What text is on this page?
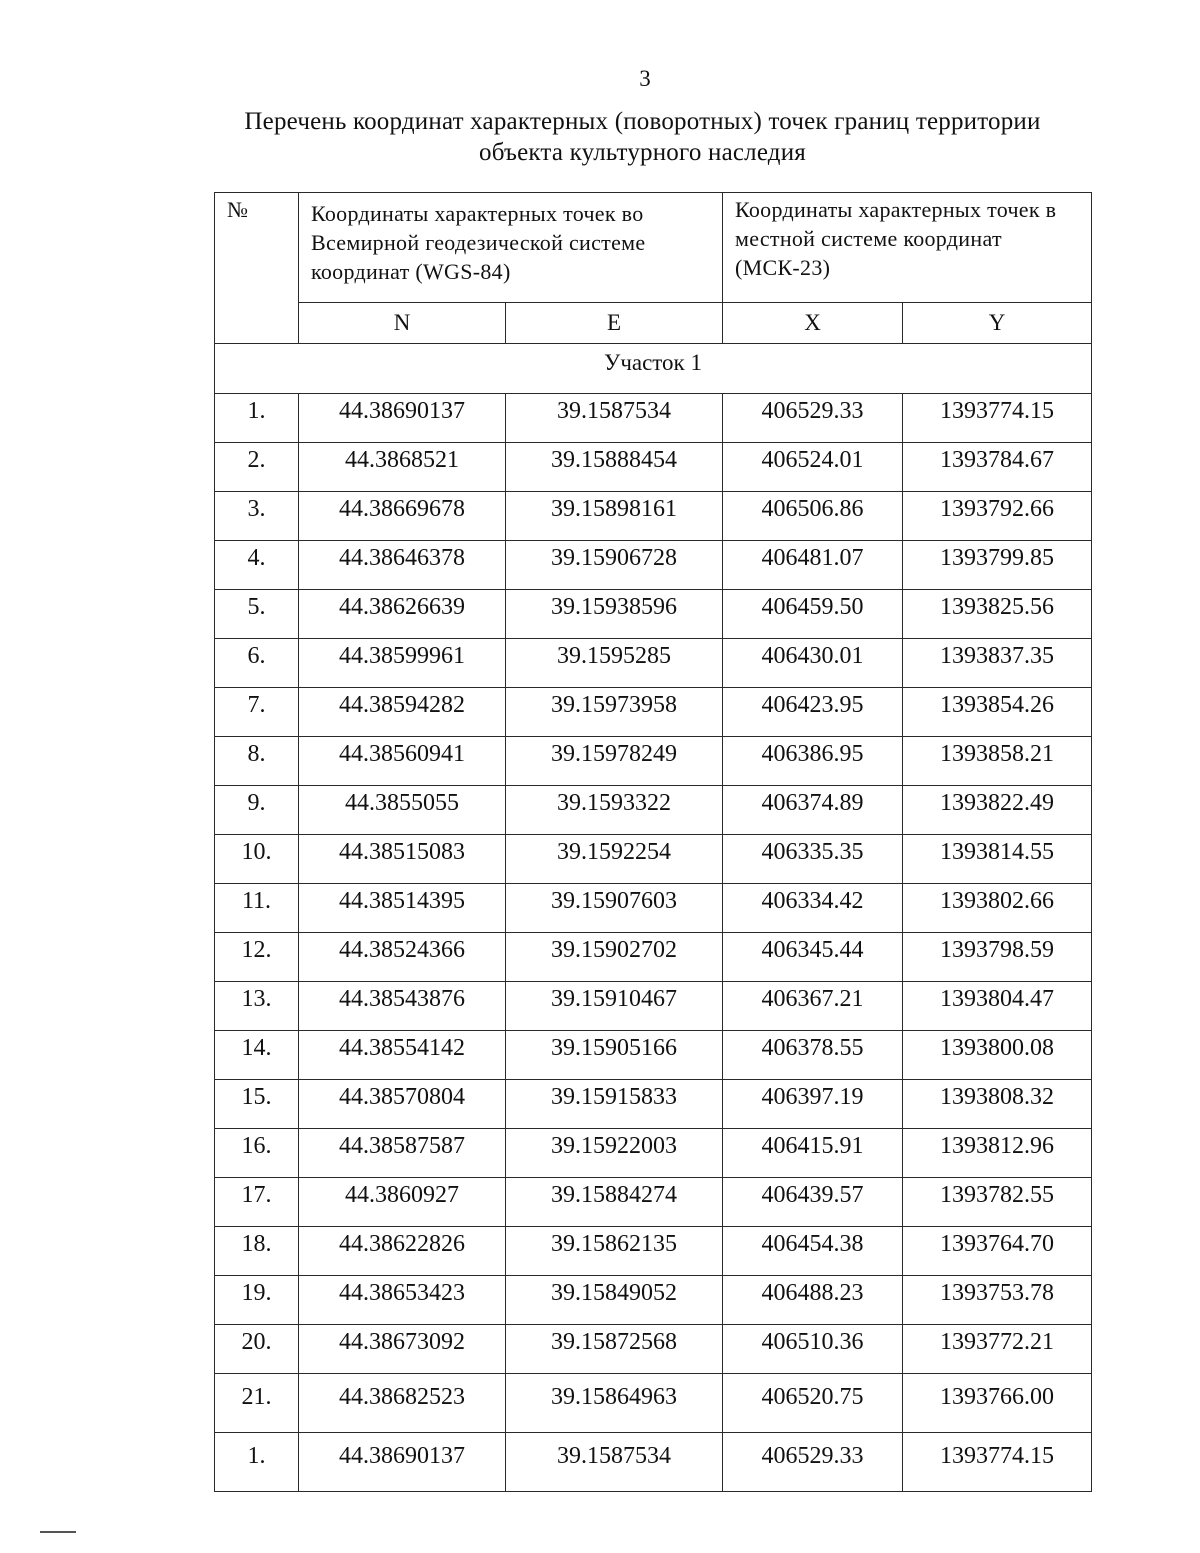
3
Перечень координат характерных (поворотных) точек границ территории
объекта культурного наследия
№	Координаты характерных точек во Всемирной геодезической системе координат (WGS-84)		Координаты характерных точек в местной системе координат (МСК-23)	
	N	E	X	Y
Участок 1				
1.	44.38690137	39.1587534	406529.33	1393774.15
2.	44.3868521	39.15888454	406524.01	1393784.67
3.	44.38669678	39.15898161	406506.86	1393792.66
4.	44.38646378	39.15906728	406481.07	1393799.85
5.	44.38626639	39.15938596	406459.50	1393825.56
6.	44.38599961	39.1595285	406430.01	1393837.35
7.	44.38594282	39.15973958	406423.95	1393854.26
8.	44.38560941	39.15978249	406386.95	1393858.21
9.	44.3855055	39.1593322	406374.89	1393822.49
10.	44.38515083	39.1592254	406335.35	1393814.55
11.	44.38514395	39.15907603	406334.42	1393802.66
12.	44.38524366	39.15902702	406345.44	1393798.59
13.	44.38543876	39.15910467	406367.21	1393804.47
14.	44.38554142	39.15905166	406378.55	1393800.08
15.	44.38570804	39.15915833	406397.19	1393808.32
16.	44.38587587	39.15922003	406415.91	1393812.96
17.	44.3860927	39.15884274	406439.57	1393782.55
18.	44.38622826	39.15862135	406454.38	1393764.70
19.	44.38653423	39.15849052	406488.23	1393753.78
20.	44.38673092	39.15872568	406510.36	1393772.21
21.	44.38682523	39.15864963	406520.75	1393766.00
1.	44.38690137	39.1587534	406529.33	1393774.15
